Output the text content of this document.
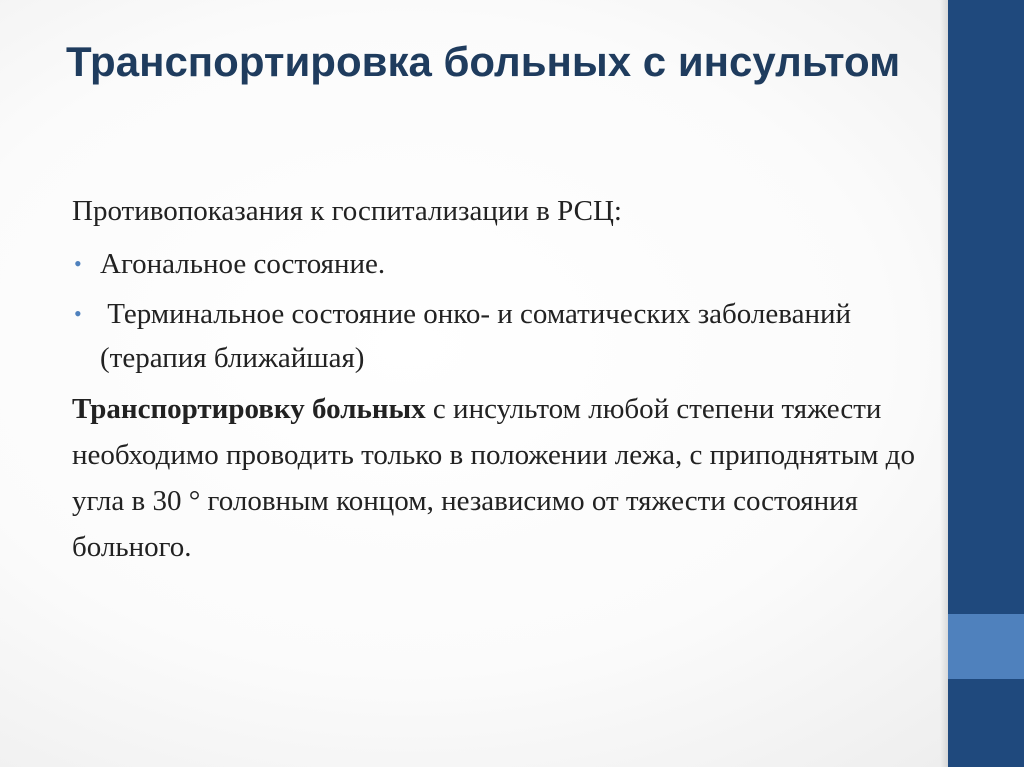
Транспортировка больных с инсультом

Противопоказания к госпитализации в РСЦ:

• Агональное состояние.
• Терминальное состояние онко- и соматических заболеваний (терапия ближайшая)

Транспортировку больных с инсультом любой степени тяжести необходимо проводить только в положении лежа, с приподнятым до угла в 30 ° головным концом, независимо от тяжести состояния больного.
